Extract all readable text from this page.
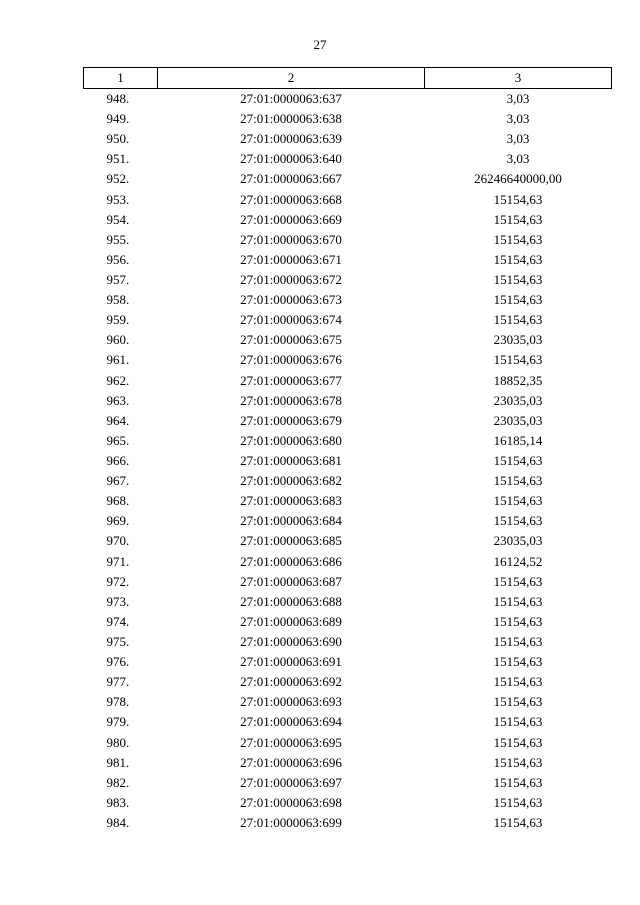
27
1	2	3
948.	27:01:0000063:637	3,03
949.	27:01:0000063:638	3,03
950.	27:01:0000063:639	3,03
951.	27:01:0000063:640	3,03
952.	27:01:0000063:667	26246640000,00
953.	27:01:0000063:668	15154,63
954.	27:01:0000063:669	15154,63
955.	27:01:0000063:670	15154,63
956.	27:01:0000063:671	15154,63
957.	27:01:0000063:672	15154,63
958.	27:01:0000063:673	15154,63
959.	27:01:0000063:674	15154,63
960.	27:01:0000063:675	23035,03
961.	27:01:0000063:676	15154,63
962.	27:01:0000063:677	18852,35
963.	27:01:0000063:678	23035,03
964.	27:01:0000063:679	23035,03
965.	27:01:0000063:680	16185,14
966.	27:01:0000063:681	15154,63
967.	27:01:0000063:682	15154,63
968.	27:01:0000063:683	15154,63
969.	27:01:0000063:684	15154,63
970.	27:01:0000063:685	23035,03
971.	27:01:0000063:686	16124,52
972.	27:01:0000063:687	15154,63
973.	27:01:0000063:688	15154,63
974.	27:01:0000063:689	15154,63
975.	27:01:0000063:690	15154,63
976.	27:01:0000063:691	15154,63
977.	27:01:0000063:692	15154,63
978.	27:01:0000063:693	15154,63
979.	27:01:0000063:694	15154,63
980.	27:01:0000063:695	15154,63
981.	27:01:0000063:696	15154,63
982.	27:01:0000063:697	15154,63
983.	27:01:0000063:698	15154,63
984.	27:01:0000063:699	15154,63
